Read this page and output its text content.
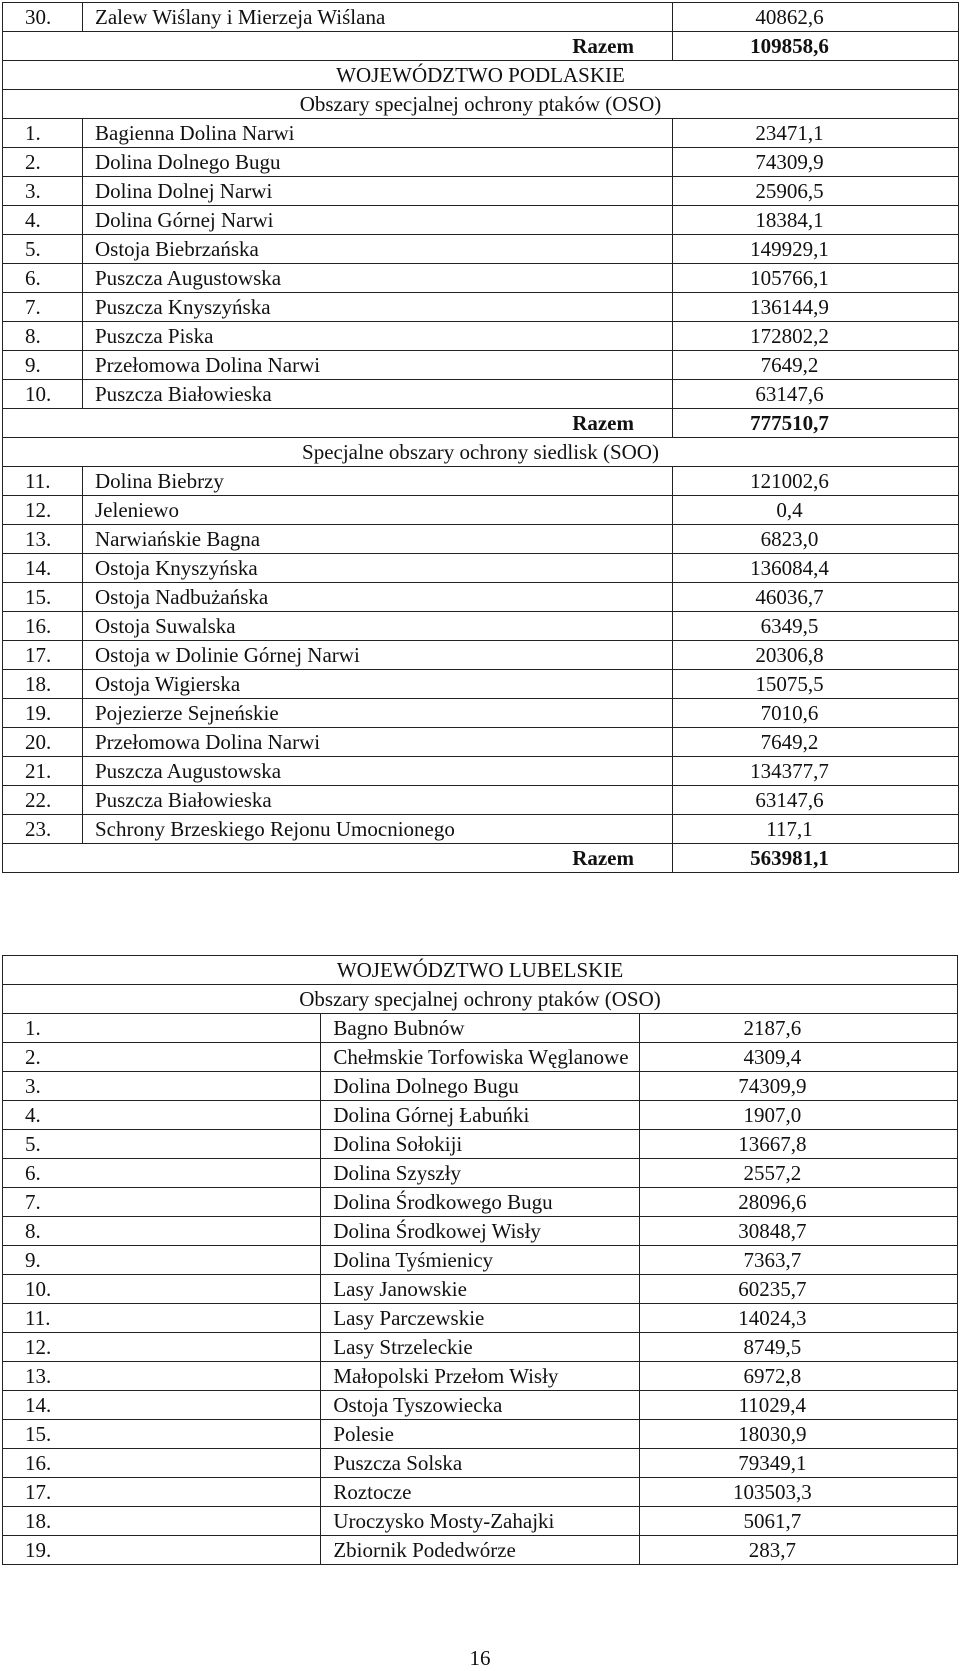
30.	Zalew Wiślany i Mierzeja Wiślana	40862,6
Razem		109858,6
WOJEWÓDZTWO PODLASKIE		
Obszary specjalnej ochrony ptaków (OSO)		
1.	Bagienna Dolina Narwi	23471,1
2.	Dolina Dolnego Bugu	74309,9
3.	Dolina Dolnej Narwi	25906,5
4.	Dolina Górnej Narwi	18384,1
5.	Ostoja Biebrzańska	149929,1
6.	Puszcza Augustowska	105766,1
7.	Puszcza Knyszyńska	136144,9
8.	Puszcza Piska	172802,2
9.	Przełomowa Dolina Narwi	7649,2
10.	Puszcza Białowieska	63147,6
Razem		777510,7
Specjalne obszary ochrony siedlisk (SOO)		
11.	Dolina Biebrzy	121002,6
12.	Jeleniewo	0,4
13.	Narwiańskie Bagna	6823,0
14.	Ostoja Knyszyńska	136084,4
15.	Ostoja Nadbużańska	46036,7
16.	Ostoja Suwalska	6349,5
17.	Ostoja w Dolinie Górnej Narwi	20306,8
18.	Ostoja Wigierska	15075,5
19.	Pojezierze Sejneńskie	7010,6
20.	Przełomowa Dolina Narwi	7649,2
21.	Puszcza Augustowska	134377,7
22.	Puszcza Białowieska	63147,6
23.	Schrony Brzeskiego Rejonu Umocnionego	117,1
Razem		563981,1
WOJEWÓDZTWO LUBELSKIE		
Obszary specjalnej ochrony ptaków (OSO)		
1.	Bagno Bubnów	2187,6
2.	Chełmskie Torfowiska Węglanowe	4309,4
3.	Dolina Dolnego Bugu	74309,9
4.	Dolina Górnej Łabuńki	1907,0
5.	Dolina Sołokiji	13667,8
6.	Dolina Szyszły	2557,2
7.	Dolina Środkowego Bugu	28096,6
8.	Dolina Środkowej Wisły	30848,7
9.	Dolina Tyśmienicy	7363,7
10.	Lasy Janowskie	60235,7
11.	Lasy Parczewskie	14024,3
12.	Lasy Strzeleckie	8749,5
13.	Małopolski Przełom Wisły	6972,8
14.	Ostoja Tyszowiecka	11029,4
15.	Polesie	18030,9
16.	Puszcza Solska	79349,1
17.	Roztocze	103503,3
18.	Uroczysko Mosty-Zahajki	5061,7
19.	Zbiornik Podedwórze	283,7
16
